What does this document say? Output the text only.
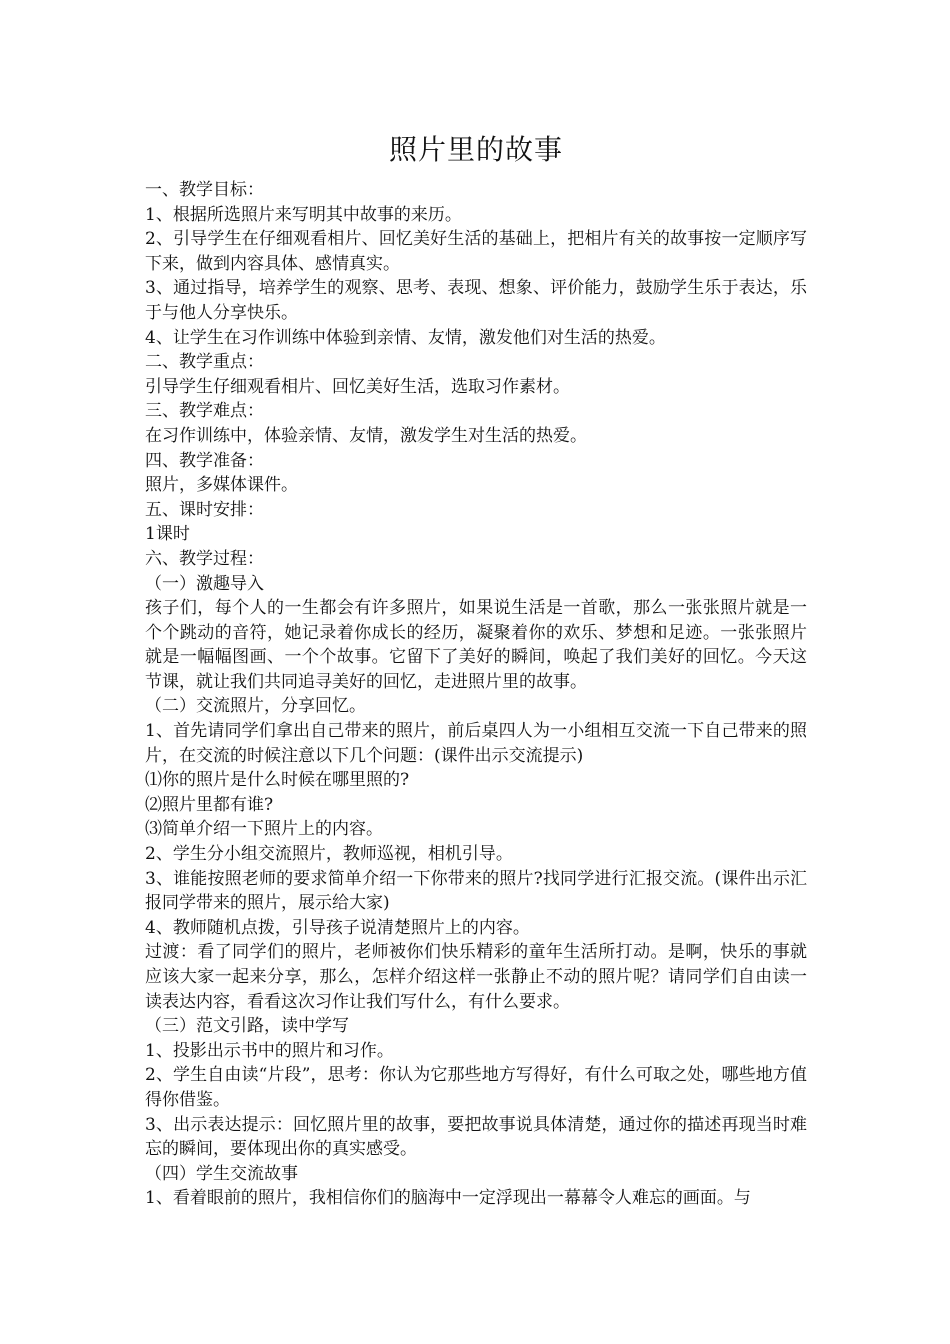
照片里的故事

一、教学目标：

1、根据所选照片来写明其中故事的来历。

2、引导学生在仔细观看相片、回忆美好生活的基础上，把相片有关的故事按一定顺序写下来，做到内容具体、感情真实。

3、通过指导，培养学生的观察、思考、表现、想象、评价能力，鼓励学生乐于表达，乐于与他人分享快乐。

4、让学生在习作训练中体验到亲情、友情，激发他们对生活的热爱。

二、教学重点：

引导学生仔细观看相片、回忆美好生活，选取习作素材。

三、教学难点：

在习作训练中，体验亲情、友情，激发学生对生活的热爱。

四、教学准备：

照片，多媒体课件。

五、课时安排：

1课时

六、教学过程：

（一）激趣导入

孩子们，每个人的一生都会有许多照片，如果说生活是一首歌，那么一张张照片就是一个个跳动的音符，她记录着你成长的经历，凝聚着你的欢乐、梦想和足迹。一张张照片就是一幅幅图画、一个个故事。它留下了美好的瞬间，唤起了我们美好的回忆。今天这节课，就让我们共同追寻美好的回忆，走进照片里的故事。

（二）交流照片，分享回忆。

1、首先请同学们拿出自己带来的照片，前后桌四人为一小组相互交流一下自己带来的照片，在交流的时候注意以下几个问题：(课件出示交流提示)

⑴你的照片是什么时候在哪里照的?

⑵照片里都有谁?

⑶简单介绍一下照片上的内容。

2、学生分小组交流照片，教师巡视，相机引导。

3、谁能按照老师的要求简单介绍一下你带来的照片?找同学进行汇报交流。(课件出示汇报同学带来的照片，展示给大家)

4、教师随机点拨，引导孩子说清楚照片上的内容。

过渡：看了同学们的照片，老师被你们快乐精彩的童年生活所打动。是啊，快乐的事就应该大家一起来分享，那么，怎样介绍这样一张静止不动的照片呢？请同学们自由读一读表达内容，看看这次习作让我们写什么，有什么要求。

（三）范文引路，读中学写

1、投影出示书中的照片和习作。

2、学生自由读“片段”，思考：你认为它那些地方写得好，有什么可取之处，哪些地方值得你借鉴。

3、出示表达提示：回忆照片里的故事，要把故事说具体清楚，通过你的描述再现当时难忘的瞬间，要体现出你的真实感受。

（四）学生交流故事

1、看着眼前的照片，我相信你们的脑海中一定浮现出一幕幕令人难忘的画面。与
